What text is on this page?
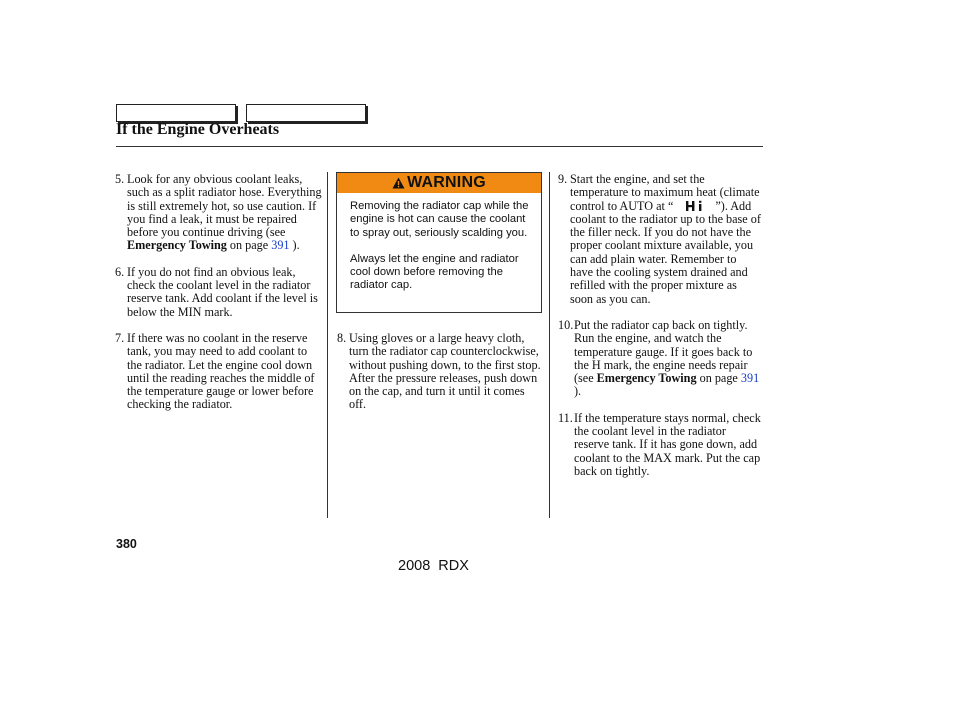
If the Engine Overheats

5. Look for any obvious coolant leaks, such as a split radiator hose. Everything is still extremely hot, so use caution. If you find a leak, it must be repaired before you continue driving (see Emergency Towing on page 391 ).

6. If you do not find an obvious leak, check the coolant level in the radiator reserve tank. Add coolant if the level is below the MIN mark.

7. If there was no coolant in the reserve tank, you may need to add coolant to the radiator. Let the engine cool down until the reading reaches the middle of the temperature gauge or lower before checking the radiator.

WARNING

Removing the radiator cap while the engine is hot can cause the coolant to spray out, seriously scalding you.

Always let the engine and radiator cool down before removing the radiator cap.

8. Using gloves or a large heavy cloth, turn the radiator cap counterclockwise, without pushing down, to the first stop. After the pressure releases, push down on the cap, and turn it until it comes off.

9. Start the engine, and set the temperature to maximum heat (climate control to AUTO at “	”). Add coolant to the radiator up to the base of the filler neck. If you do not have the proper coolant mixture available, you can add plain water. Remember to have the cooling system drained and refilled with the proper mixture as soon as you can.

10. Put the radiator cap back on tightly. Run the engine, and watch the temperature gauge. If it goes back to the H mark, the engine needs repair (see Emergency Towing on page 391 ).

11. If the temperature stays normal, check the coolant level in the radiator reserve tank. If it has gone down, add coolant to the MAX mark. Put the cap back on tightly.

380
2008 RDX
